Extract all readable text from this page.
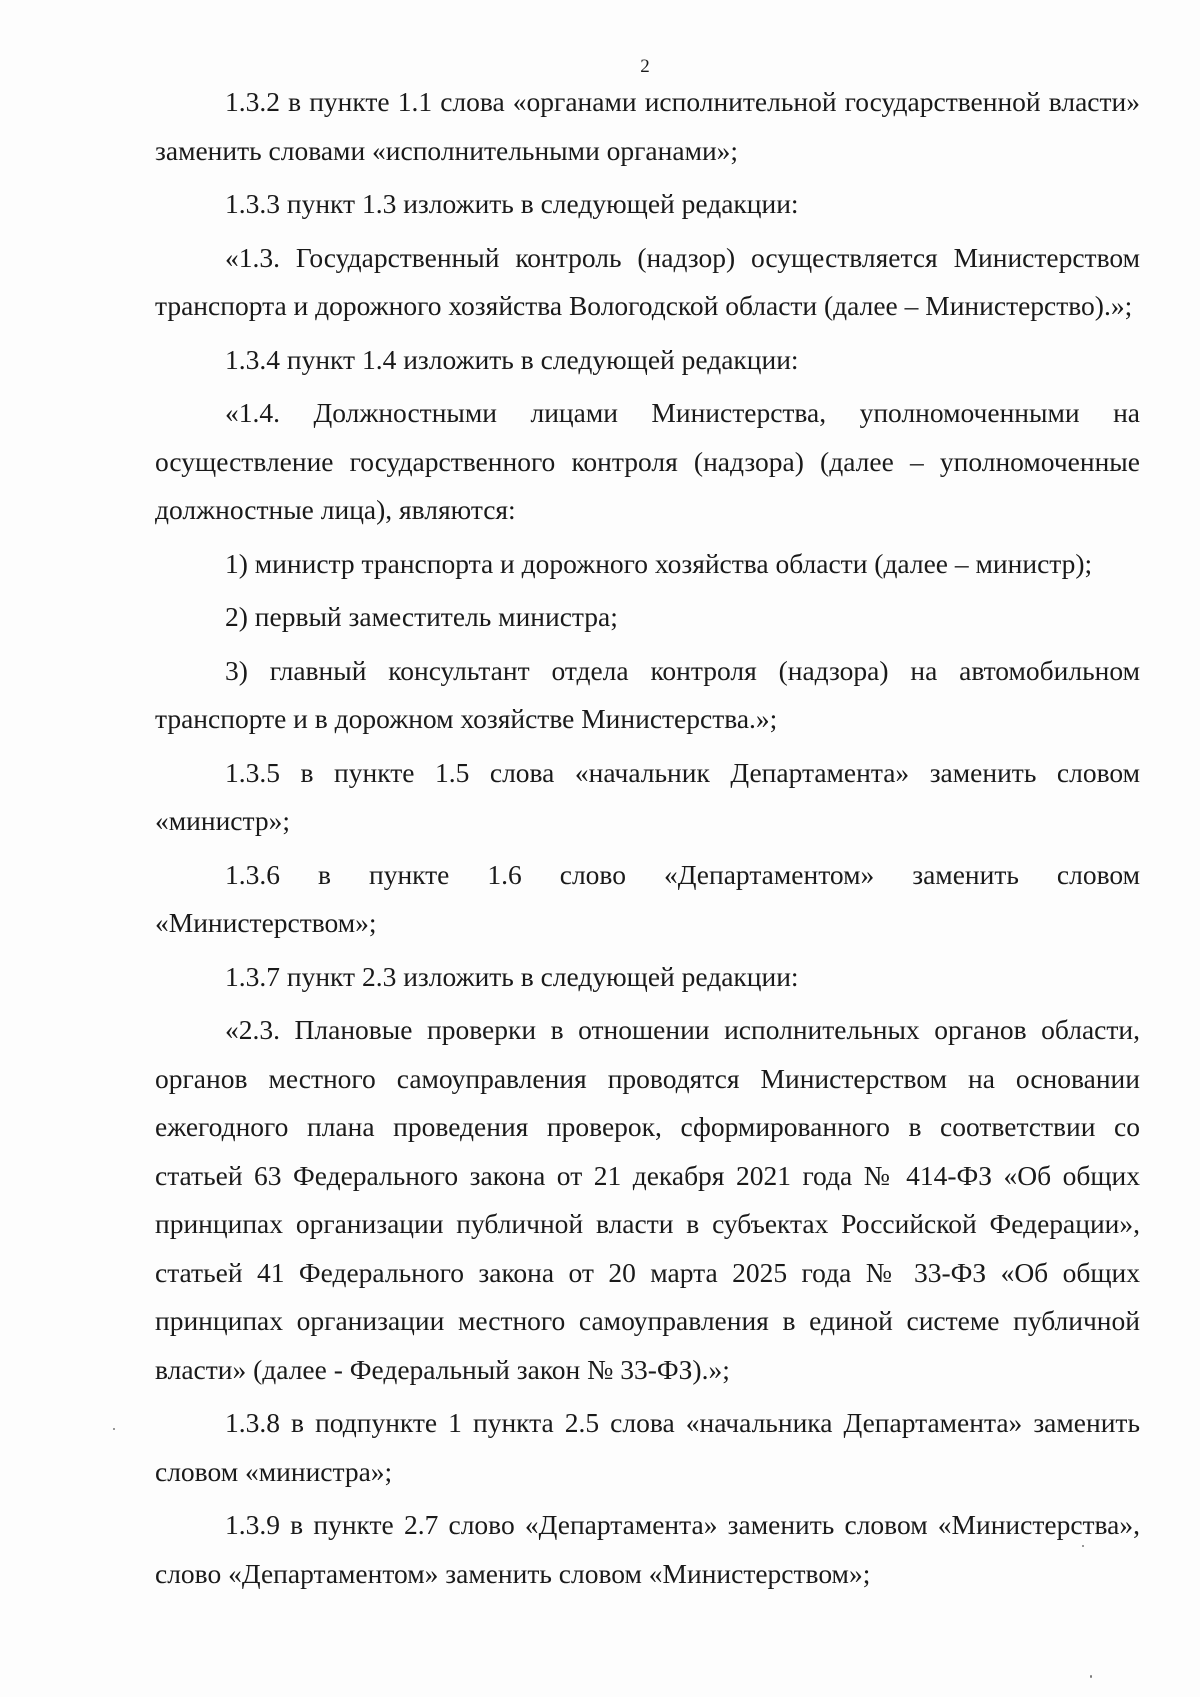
2

1.3.2 в пункте 1.1 слова «органами исполнительной государственной власти» заменить словами «исполнительными органами»;

1.3.3 пункт 1.3 изложить в следующей редакции:

«1.3. Государственный контроль (надзор) осуществляется Министерством транспорта и дорожного хозяйства Вологодской области (далее – Министерство).»;

1.3.4 пункт 1.4 изложить в следующей редакции:

«1.4. Должностными лицами Министерства, уполномоченными на осуществление государственного контроля (надзора) (далее – уполномоченные должностные лица), являются:

1) министр транспорта и дорожного хозяйства области (далее – министр);

2) первый заместитель министра;

3) главный консультант отдела контроля (надзора) на автомобильном транспорте и в дорожном хозяйстве Министерства.»;

1.3.5 в пункте 1.5 слова «начальник Департамента» заменить словом «министр»;

1.3.6 в пункте 1.6 слово «Департаментом» заменить словом «Министерством»;

1.3.7 пункт 2.3 изложить в следующей редакции:

«2.3. Плановые проверки в отношении исполнительных органов области, органов местного самоуправления проводятся Министерством на основании ежегодного плана проведения проверок, сформированного в соответствии со статьей 63 Федерального закона от 21 декабря 2021 года № 414-ФЗ «Об общих принципах организации публичной власти в субъектах Российской Федерации», статьей 41 Федерального закона от 20 марта 2025 года № 33-ФЗ «Об общих принципах организации местного самоуправления в единой системе публичной власти» (далее - Федеральный закон № 33-ФЗ).»;

1.3.8 в подпункте 1 пункта 2.5 слова «начальника Департамента» заменить словом «министра»;

1.3.9 в пункте 2.7 слово «Департамента» заменить словом «Министерства», слово «Департаментом» заменить словом «Министерством»;
